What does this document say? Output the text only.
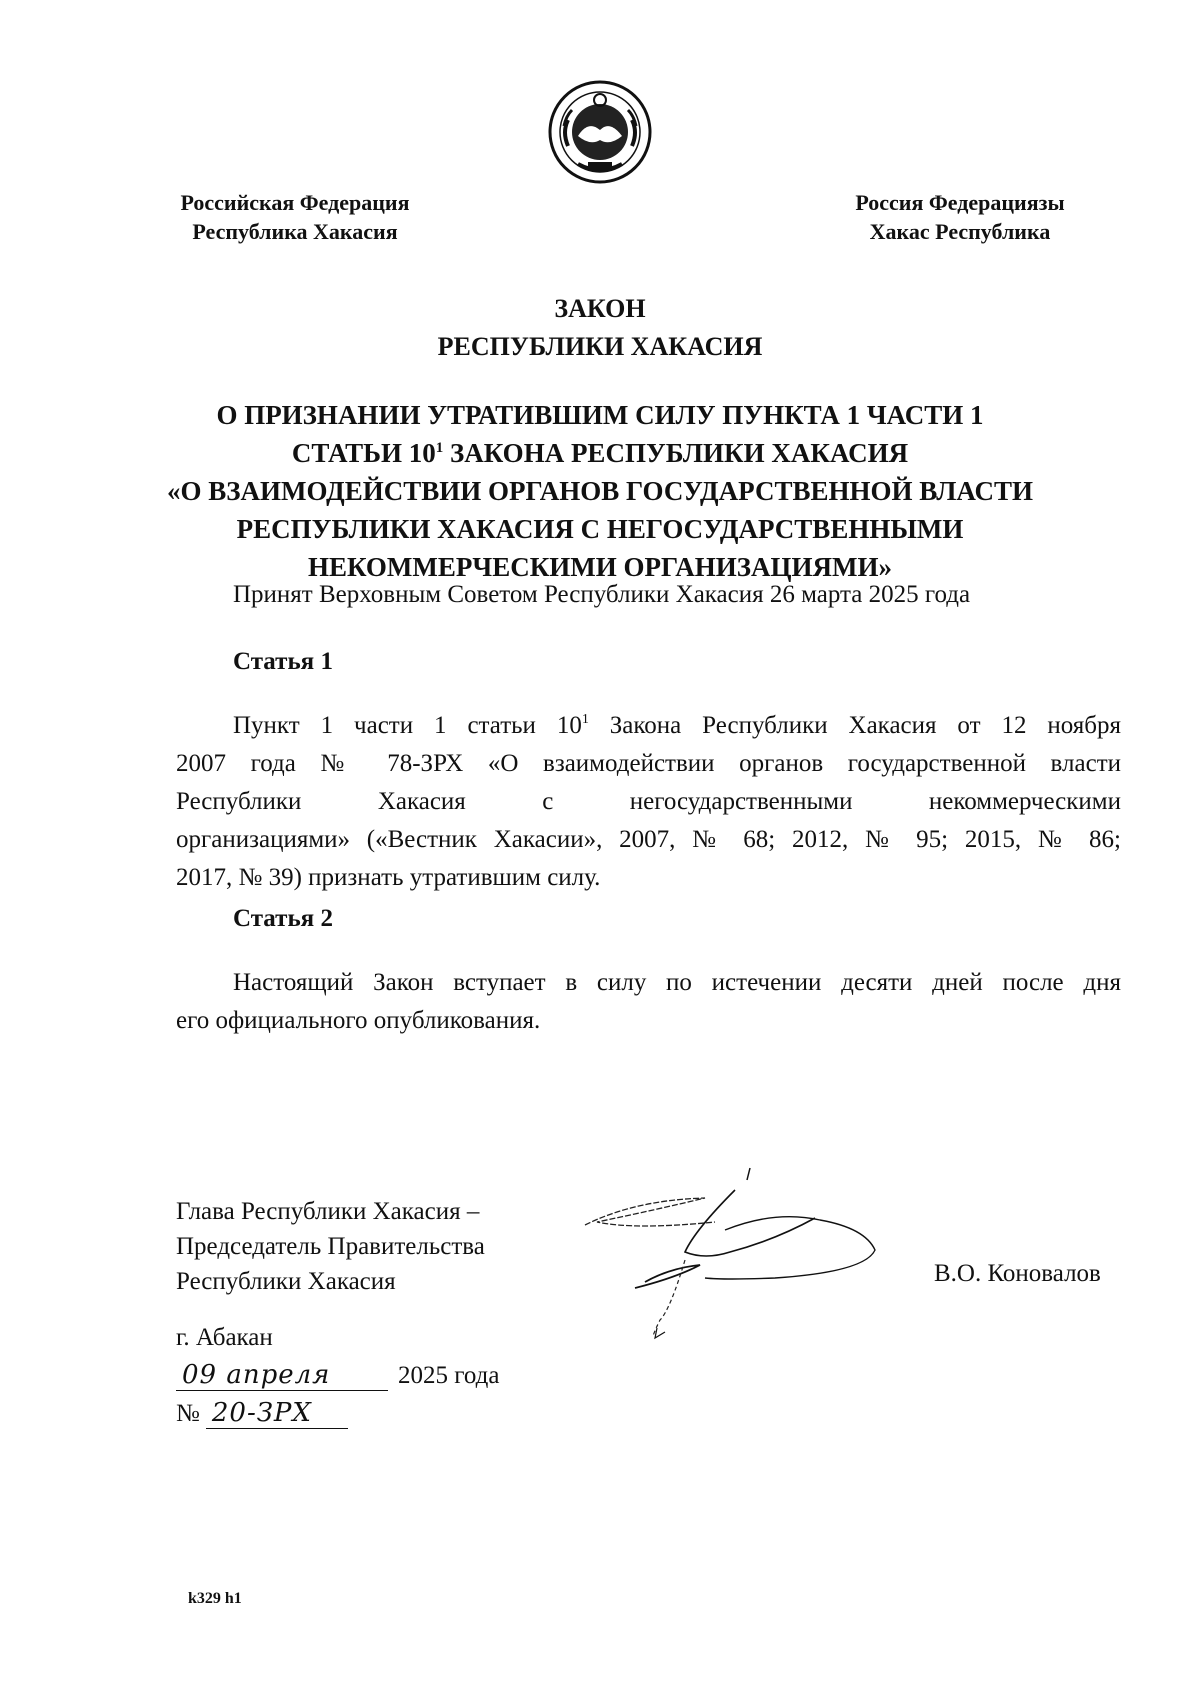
Российская Федерация
Республика Хакасия
Россия Федерациязы
Хакас Республика
ЗАКОН
РЕСПУБЛИКИ ХАКАСИЯ
О ПРИЗНАНИИ УТРАТИВШИМ СИЛУ ПУНКТА 1 ЧАСТИ 1
СТАТЬИ $10^1$ ЗАКОНА РЕСПУБЛИКИ ХАКАСИЯ
«О ВЗАИМОДЕЙСТВИИ ОРГАНОВ ГОСУДАРСТВЕННОЙ ВЛАСТИ
РЕСПУБЛИКИ ХАКАСИЯ С НЕГОСУДАРСТВЕННЫМИ
НЕКОММЕРЧЕСКИМИ ОРГАНИЗАЦИЯМИ»
Принят Верховным Советом Республики Хакасия 26 марта 2025 года
Статья 1
Пункт 1 части 1 статьи $10^1$ Закона Республики Хакасия от 12 ноября
2007 года № 78-ЗРХ «О взаимодействии органов государственной власти
Республики Хакасия с негосударственными некоммерческими
организациями» («Вестник Хакасии», 2007, № 68; 2012, № 95; 2015, № 86;
2017, № 39) признать утратившим силу.
Статья 2
Настоящий Закон вступает в силу по истечении десяти дней после дня
его официального опубликования.
Глава Республики Хакасия –
Председатель Правительства
Республики Хакасия	В.О. Коновалов
г. Абакан
09 апреля	2025 года
№ 20-ЗРХ
k329 h1
